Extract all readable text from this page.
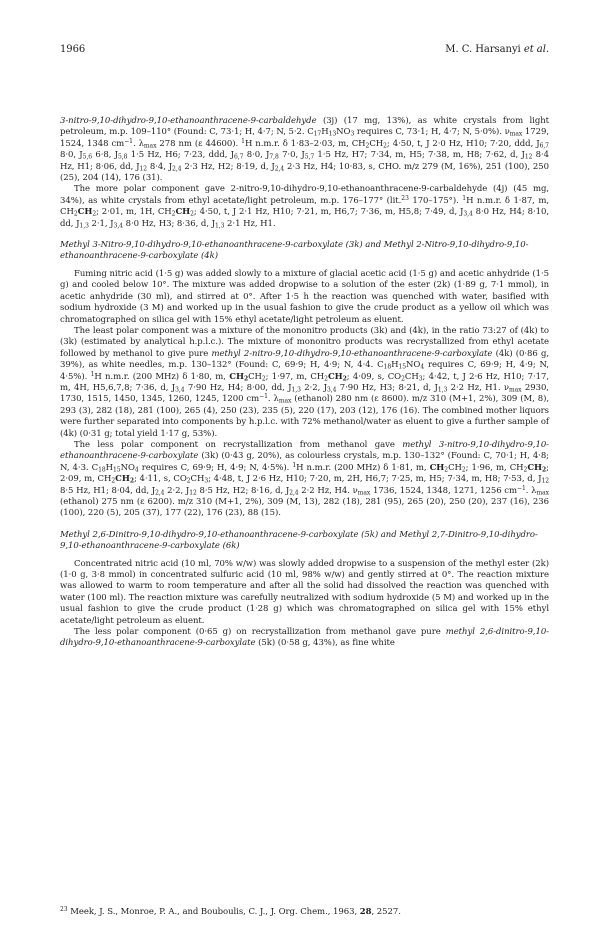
1966	M. C. Harsanyi et al.

3-nitro-9,10-dihydro-9,10-ethanoanthracene-9-carbaldehyde (3j) (17 mg, 13%), as white crystals from light petroleum, m.p. 109–110° (Found: C, 73·1; H, 4·7; N, 5·2. $C_{17}H_{13}NO_3$ requires C, 73·1; H, 4·7; N, 5·0%). $\nu_{max}$ 1729, 1524, 1348 $cm^{-1}$. $\lambda_{max}$ 278 nm (ε 44600). $^1$H n.m.r. δ 1·83–2·03, m, $CH_2CH_2$; 4·50, t, J 2·0 Hz, H10; 7·20, ddd, $J_{6,7}$ 8·0, $J_{5,6}$ 6·8, $J_{5,8}$ 1·5 Hz, H6; 7·23, ddd, $J_{6,7}$ 8·0, $J_{7,8}$ 7·0, $J_{5,7}$ 1·5 Hz, H7; 7·34, m, H5; 7·38, m, H8; 7·62, d, $J_{12}$ 8·4 Hz, H1; 8·06, dd, $J_{12}$ 8·4, $J_{2,4}$ 2·3 Hz, H2; 8·19, d, $J_{2,4}$ 2·3 Hz, H4; 10·83, s, CHO. m/z 279 (M, 16%), 251 (100), 250 (25), 204 (14), 176 (31).

The more polar component gave 2-nitro-9,10-dihydro-9,10-ethanoanthracene-9-carbaldehyde (4j) (45 mg, 34%), as white crystals from ethyl acetate/light petroleum, m.p. 176–177° (lit.$^{23}$ 170–175°). $^1$H n.m.r. δ 1·87, m, $CH_2CH_2$; 2·01, m, 1H, $CH_2CH_2$; 4·50, t, J 2·1 Hz, H10; 7·21, m, H6,7; 7·36, m, H5,8; 7·49, d, $J_{3,4}$ 8·0 Hz, H4; 8·10, dd, $J_{1,3}$ 2·1, $J_{3,4}$ 8·0 Hz, H3; 8·36, d, $J_{1,3}$ 2·1 Hz, H1.

Methyl 3-Nitro-9,10-dihydro-9,10-ethanoanthracene-9-carboxylate (3k) and Methyl 2-Nitro-9,10-dihydro-9,10-ethanoanthracene-9-carboxylate (4k)

Fuming nitric acid (1·5 g) was added slowly to a mixture of glacial acetic acid (1·5 g) and acetic anhydride (1·5 g) and cooled below 10°. The mixture was added dropwise to a solution of the ester (2k) (1·89 g, 7·1 mmol), in acetic anhydride (30 ml), and stirred at 0°. After 1·5 h the reaction was quenched with water, basified with sodium hydroxide (3 M) and worked up in the usual fashion to give the crude product as a yellow oil which was chromatographed on silica gel with 15% ethyl acetate/light petroleum as eluent.

The least polar component was a mixture of the mononitro products (3k) and (4k), in the ratio 73:27 of (4k) to (3k) (estimated by analytical h.p.l.c.). The mixture of mononitro products was recrystallized from ethyl acetate followed by methanol to give pure methyl 2-nitro-9,10-dihydro-9,10-ethanoanthracene-9-carboxylate (4k) (0·86 g, 39%), as white needles, m.p. 130–132° (Found: C, 69·9; H, 4·9; N, 4·4. $C_{18}H_{15}NO_4$ requires C, 69·9; H, 4·9; N, 4·5%). $^1$H n.m.r. (200 MHz) δ 1·80, m, $CH_2CH_2$; 1·97, m, $CH_2CH_2$; 4·09, s, $CO_2CH_3$; 4·42, t, J 2·6 Hz, H10; 7·17, m, 4H, H5,6,7,8; 7·36, d, $J_{3,4}$ 7·90 Hz, H4; 8·00, dd, $J_{1,3}$ 2·2, $J_{3,4}$ 7·90 Hz, H3; 8·21, d, $J_{1,3}$ 2·2 Hz, H1. $\nu_{max}$ 2930, 1730, 1515, 1450, 1345, 1260, 1245, 1200 $cm^{-1}$. $\lambda_{max}$ (ethanol) 280 nm (ε 8600). m/z 310 (M+1, 2%), 309 (M, 8), 293 (3), 282 (18), 281 (100), 265 (4), 250 (23), 235 (5), 220 (17), 203 (12), 176 (16). The combined mother liquors were further separated into components by h.p.l.c. with 72% methanol/water as eluent to give a further sample of (4k) (0·31 g; total yield 1·17 g, 53%).

The less polar component on recrystallization from methanol gave methyl 3-nitro-9,10-dihydro-9,10-ethanoanthracene-9-carboxylate (3k) (0·43 g, 20%), as colourless crystals, m.p. 130–132° (Found: C, 70·1; H, 4·8; N, 4·3. $C_{18}H_{15}NO_4$ requires C, 69·9; H, 4·9; N, 4·5%). $^1$H n.m.r. (200 MHz) δ 1·81, m, $CH_2CH_2$; 1·96, m, $CH_2CH_2$; 2·09, m, $CH_2CH_2$; 4·11, s, $CO_2CH_3$; 4·48, t, J 2·6 Hz, H10; 7·20, m, 2H, H6,7; 7·25, m, H5; 7·34, m, H8; 7·53, d, $J_{12}$ 8·5 Hz, H1; 8·04, dd, $J_{2,4}$ 2·2, $J_{12}$ 8·5 Hz, H2; 8·16, d, $J_{2,4}$ 2·2 Hz, H4. $\nu_{max}$ 1736, 1524, 1348, 1271, 1256 $cm^{-1}$. $\lambda_{max}$ (ethanol) 275 nm (ε 6200). m/z 310 (M+1, 2%), 309 (M, 13), 282 (18), 281 (95), 265 (20), 250 (20), 237 (16), 236 (100), 220 (5), 205 (37), 177 (22), 176 (23), 88 (15).

Methyl 2,6-Dinitro-9,10-dihydro-9,10-ethanoanthracene-9-carboxylate (5k) and Methyl 2,7-Dinitro-9,10-dihydro-9,10-ethanoanthracene-9-carboxylate (6k)

Concentrated nitric acid (10 ml, 70% w/w) was slowly added dropwise to a suspension of the methyl ester (2k) (1·0 g, 3·8 mmol) in concentrated sulfuric acid (10 ml, 98% w/w) and gently stirred at 0°. The reaction mixture was allowed to warm to room temperature and after all the solid had dissolved the reaction was quenched with water (100 ml). The reaction mixture was carefully neutralized with sodium hydroxide (5 M) and worked up in the usual fashion to give the crude product (1·28 g) which was chromatographed on silica gel with 15% ethyl acetate/light petroleum as eluent.

The less polar component (0·65 g) on recrystallization from methanol gave pure methyl 2,6-dinitro-9,10-dihydro-9,10-ethanoanthracene-9-carboxylate (5k) (0·58 g, 43%), as fine white

$^{23}$ Meek, J. S., Monroe, P. A., and Bouboulis, C. J., J. Org. Chem., 1963, 28, 2527.
